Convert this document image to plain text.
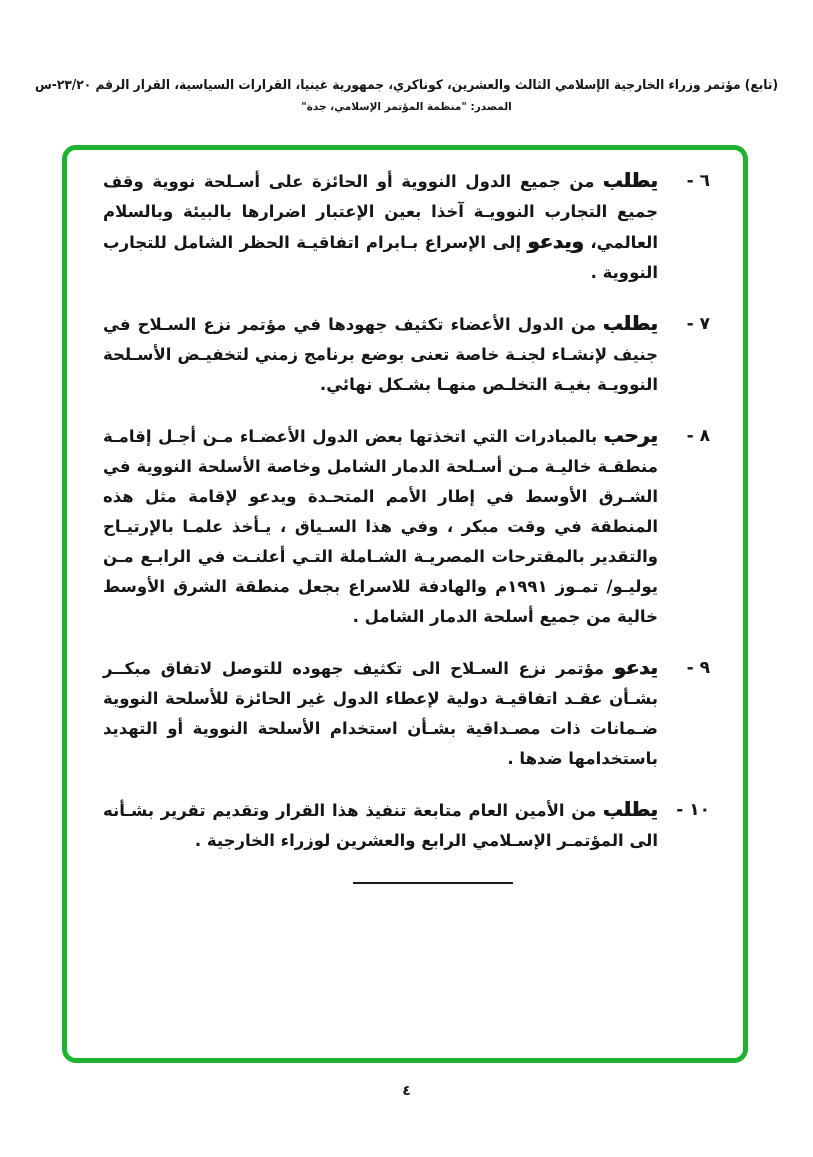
(تابع) مؤتمر وزراء الخارجية الإسلامي الثالث والعشرين، كوناكري، جمهورية غينيا، القرارات السياسية، القرار الرقم ٢٣/٢٠-س
المصدر: "منظمة المؤتمر الإسلامي، جدة"
٦ -
يطلب من جميع الدول النووية أو الحائزة على أسـلحة نووية وقف جميع التجارب النوويـة آخذا بعين الإعتبار اضرارها بالبيئة وبالسلام العالمي، ويدعو إلى الإسراع بـابرام اتفاقيـة الحظر الشامل للتجارب النووية .
٧ -
يطلب من الدول الأعضاء تكثيف جهودها في مؤتمر نزع السـلاح في جنيف لإنشـاء لجنـة خاصة تعنى بوضع برنامج زمني لتخفيـض الأسـلحة النوويـة بغيـة التخلـص منهـا بشـكل نهائي.
٨ -
يرحب بالمبادرات التي اتخذتها بعض الدول الأعضـاء مـن أجـل إقامـة منطقـة خاليـة مـن أسـلحة الدمار الشامل وخاصة الأسلحة النووية في الشـرق الأوسط في إطار الأمم المتحـدة ويدعو لإقامة مثل هذه المنطقة في وقت مبكر ، وفي هذا السـياق ، يـأخذ علمـا بالإرتيـاح والتقدير بالمقترحات المصريـة الشـاملة التـي أعلنـت في الرابـع مـن يوليـو/ تمـوز ١٩٩١م والهادفة للاسراع بجعل منطقة الشرق الأوسط خالية من جميع أسلحة الدمار الشامل .
٩ -
يدعو مؤتمر نزع السـلاح الى تكثيف جهوده للتوصل لاتفاق مبكــر بشـأن عقـد اتفاقيـة دولية لإعطاء الدول غير الحائزة للأسلحة النووية ضـمانات ذات مصـداقية بشـأن استخدام الأسلحة النووية أو التهديد باستخدامها ضدها .
١٠ -
يطلب من الأمين العام متابعة تنفيذ هذا القرار وتقديم تقرير بشـأنه الى المؤتمـر الإسـلامي الرابع والعشرين لوزراء الخارجية .
٤
